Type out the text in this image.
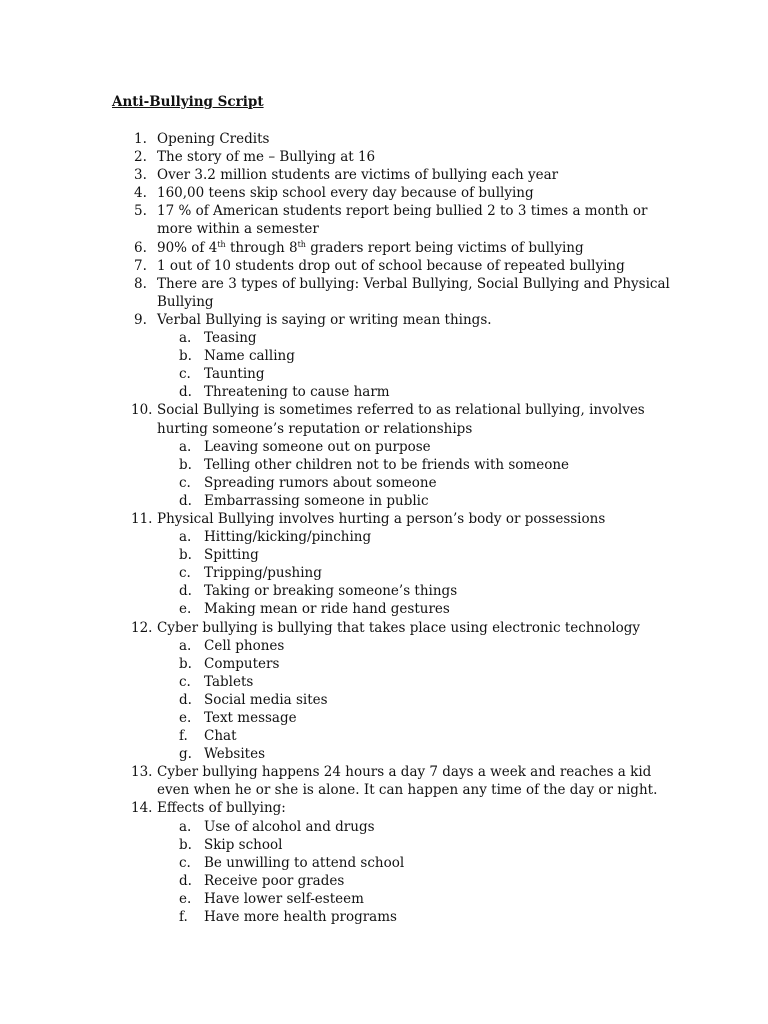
Anti-Bullying Script
1. Opening Credits
2. The story of me – Bullying at 16
3. Over 3.2 million students are victims of bullying each year
4. 160,00 teens skip school every day because of bullying
5. 17 % of American students report being bullied 2 to 3 times a month or more within a semester
6. 90% of 4th through 8th graders report being victims of bullying
7. 1 out of 10 students drop out of school because of repeated bullying
8. There are 3 types of bullying: Verbal Bullying, Social Bullying and Physical Bullying
9. Verbal Bullying is saying or writing mean things.
a. Teasing
b. Name calling
c. Taunting
d. Threatening to cause harm
10. Social Bullying is sometimes referred to as relational bullying, involves hurting someone’s reputation or relationships
a. Leaving someone out on purpose
b. Telling other children not to be friends with someone
c. Spreading rumors about someone
d. Embarrassing someone in public
11. Physical Bullying involves hurting a person’s body or possessions
a. Hitting/kicking/pinching
b. Spitting
c. Tripping/pushing
d. Taking or breaking someone’s things
e. Making mean or ride hand gestures
12. Cyber bullying is bullying that takes place using electronic technology
a. Cell phones
b. Computers
c. Tablets
d. Social media sites
e. Text message
f.	Chat
g. Websites
13. Cyber bullying happens 24 hours a day 7 days a week and reaches a kid even when he or she is alone. It can happen any time of the day or night.
14. Effects of bullying:
a. Use of alcohol and drugs
b. Skip school
c. Be unwilling to attend school
d. Receive poor grades
e. Have lower self-esteem
f.	Have more health programs
